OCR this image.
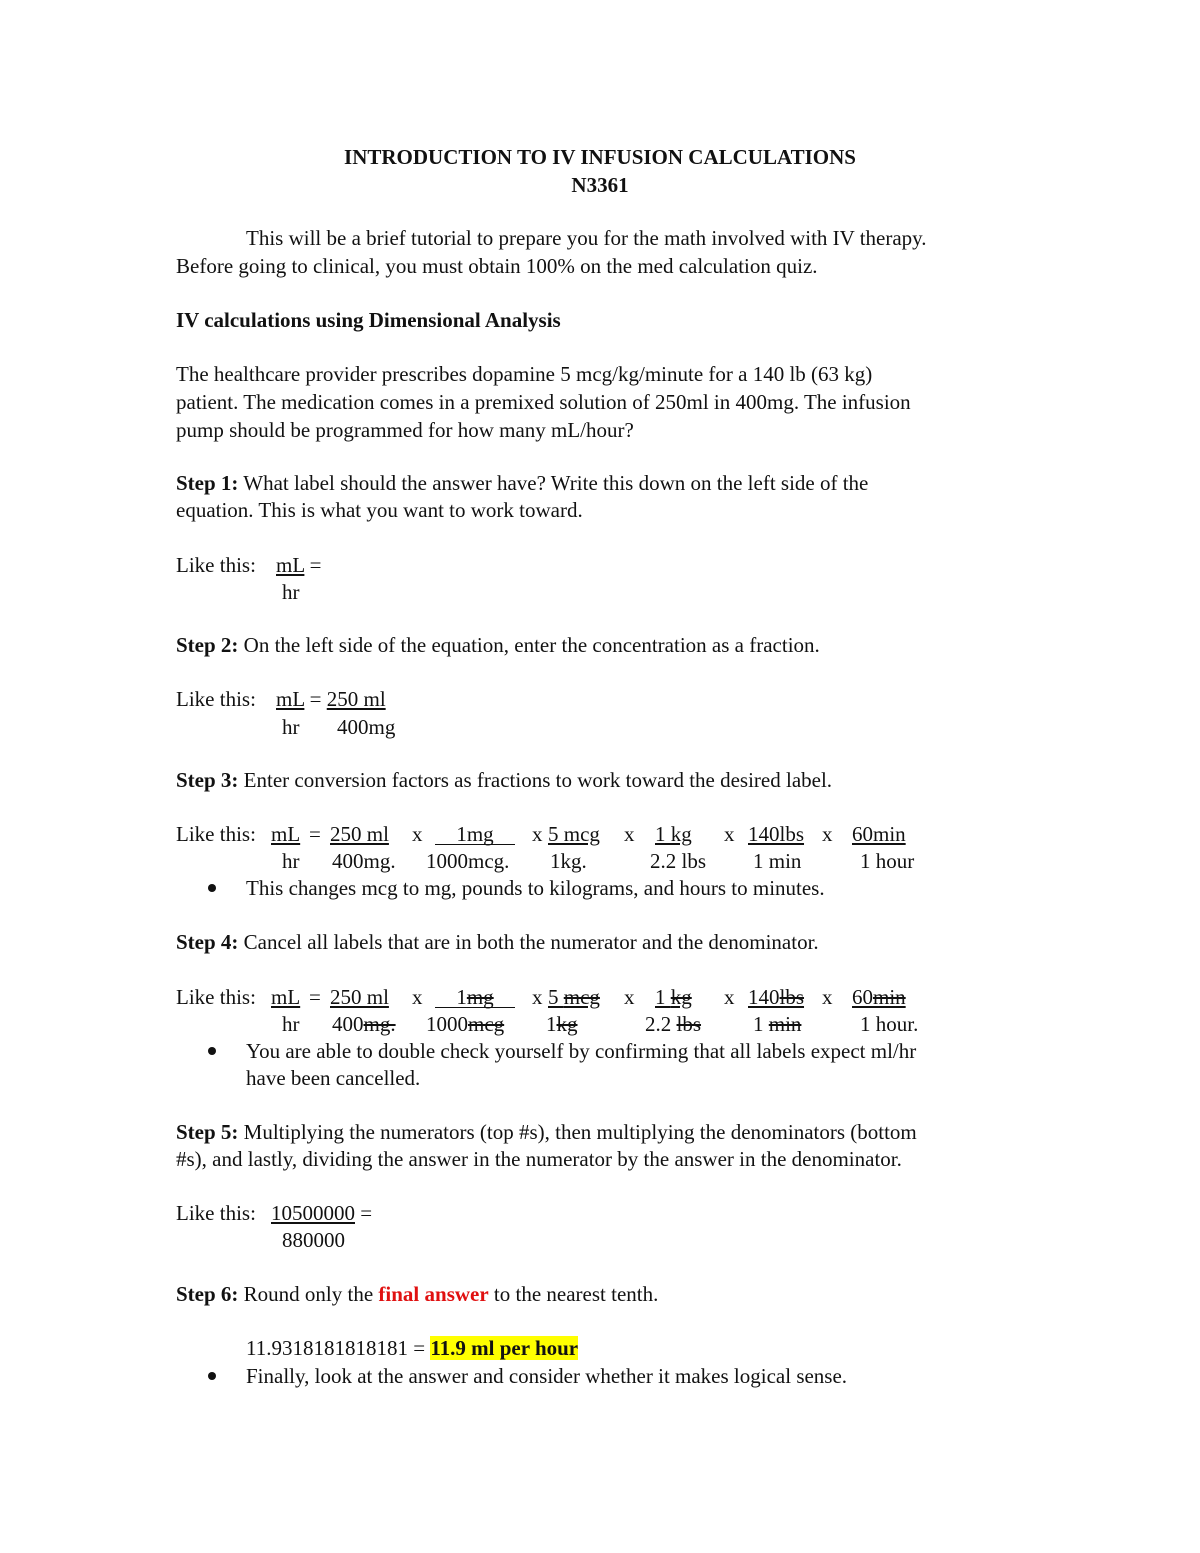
INTRODUCTION TO IV INFUSION CALCULATIONS
N3361
This will be a brief tutorial to prepare you for the math involved with IV therapy.
Before going to clinical, you must obtain 100% on the med calculation quiz.
IV calculations using Dimensional Analysis
The healthcare provider prescribes dopamine 5 mcg/kg/minute for a 140 lb (63 kg)
patient. The medication comes in a premixed solution of 250ml in 400mg. The infusion
pump should be programmed for how many mL/hour?
Step 1: What label should the answer have? Write this down on the left side of the
equation. This is what you want to work toward.
Like this: mL =
hr
Step 2: On the left side of the equation, enter the concentration as a fraction.
Like this: mL = 250 ml
hr 400mg
Step 3: Enter conversion factors as fractions to work toward the desired label.
Like this: mL = 250 ml x	1mg	x 5 mcg x 1 kg x 140lbs x 60min
hr 400mg. 1000mcg. 1kg.	2.2 lbs 1 min	1 hour
This changes mcg to mg, pounds to kilograms, and hours to minutes.
Step 4: Cancel all labels that are in both the numerator and the denominator.
Like this: mL = 250 ml x	1mg	x 5 mcg x 1 kg x 140lbs x 60min
hr 400mg. 1000mcg 1kg	2.2 lbs 1 min	1 hour.
You are able to double check yourself by confirming that all labels expect ml/hr
have been cancelled.
Step 5: Multiplying the numerators (top #s), then multiplying the denominators (bottom
#s), and lastly, dividing the answer in the numerator by the answer in the denominator.
Like this: 10500000 =
880000
Step 6: Round only the final answer to the nearest tenth.
11.9318181818181 = 11.9 ml per hour
Finally, look at the answer and consider whether it makes logical sense.
